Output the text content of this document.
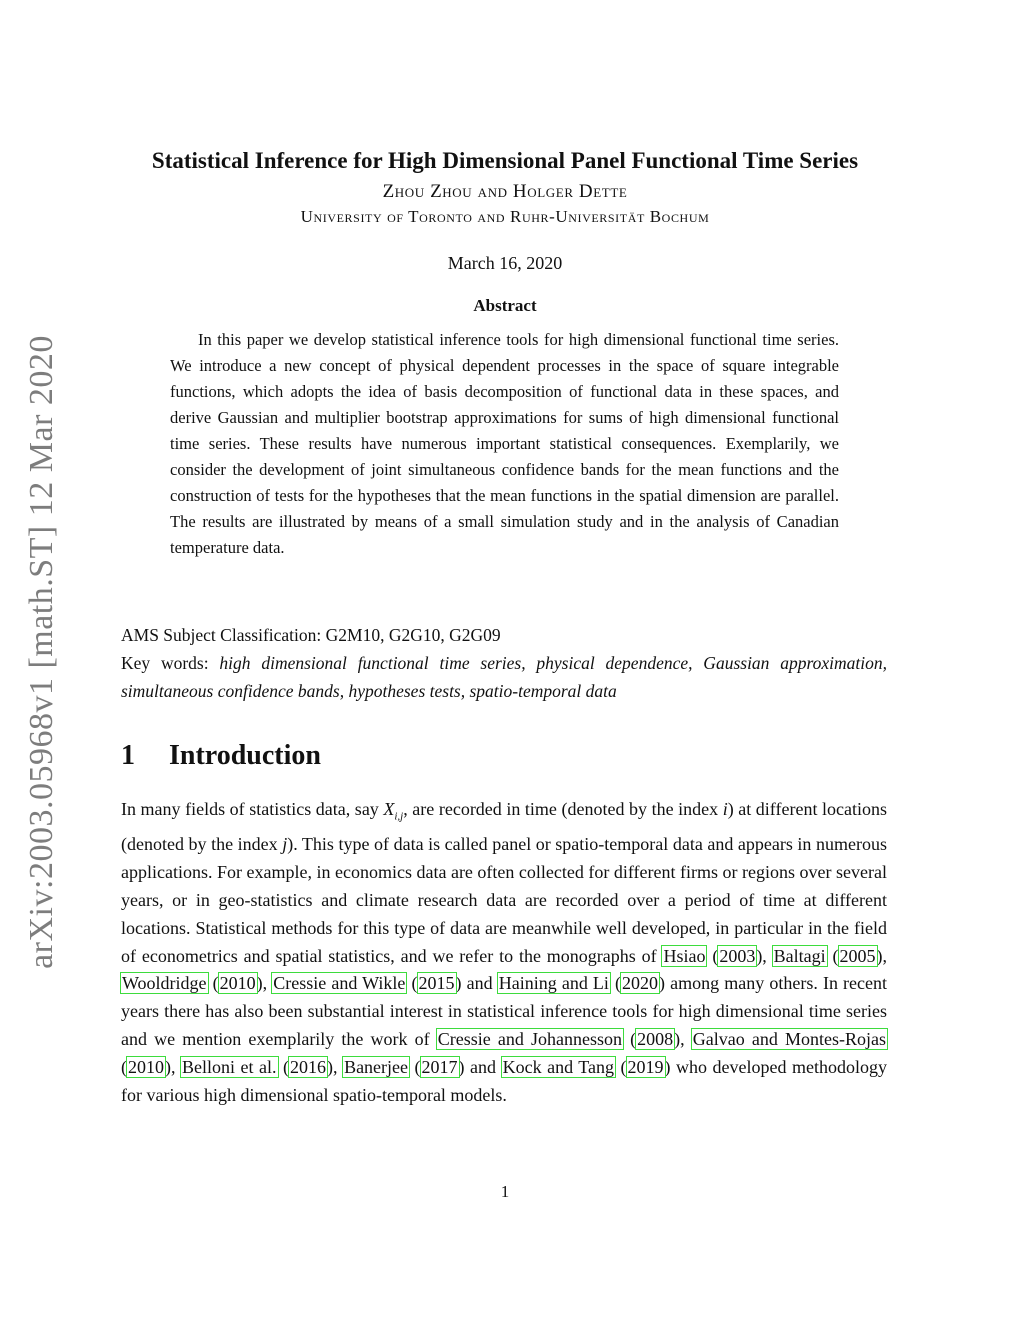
arXiv:2003.05968v1 [math.ST] 12 Mar 2020
Statistical Inference for High Dimensional Panel Functional Time Series
Zhou Zhou and Holger Dette
University of Toronto and Ruhr-Universität Bochum
March 16, 2020
Abstract
In this paper we develop statistical inference tools for high dimensional functional time series. We introduce a new concept of physical dependent processes in the space of square integrable functions, which adopts the idea of basis decomposition of functional data in these spaces, and derive Gaussian and multiplier bootstrap approximations for sums of high dimensional functional time series. These results have numerous important statistical consequences. Exemplarily, we consider the development of joint simultaneous confidence bands for the mean functions and the construction of tests for the hypotheses that the mean functions in the spatial dimension are parallel. The results are illustrated by means of a small simulation study and in the analysis of Canadian temperature data.
AMS Subject Classification: G2M10, G2G10, G2G09
Key words: high dimensional functional time series, physical dependence, Gaussian approximation, simultaneous confidence bands, hypotheses tests, spatio-temporal data
1 Introduction
In many fields of statistics data, say $X_{i,j}$, are recorded in time (denoted by the index i) at different locations (denoted by the index j). This type of data is called panel or spatio-temporal data and appears in numerous applications. For example, in economics data are often collected for different firms or regions over several years, or in geo-statistics and climate research data are recorded over a period of time at different locations. Statistical methods for this type of data are meanwhile well developed, in particular in the field of econometrics and spatial statistics, and we refer to the monographs of Hsiao (2003), Baltagi (2005), Wooldridge (2010), Cressie and Wikle (2015) and Haining and Li (2020) among many others. In recent years there has also been substantial interest in statistical inference tools for high dimensional time series and we mention exemplarily the work of Cressie and Johannesson (2008), Galvao and Montes-Rojas (2010), Belloni et al. (2016), Banerjee (2017) and Kock and Tang (2019) who developed methodology for various high dimensional spatio-temporal models.
1
